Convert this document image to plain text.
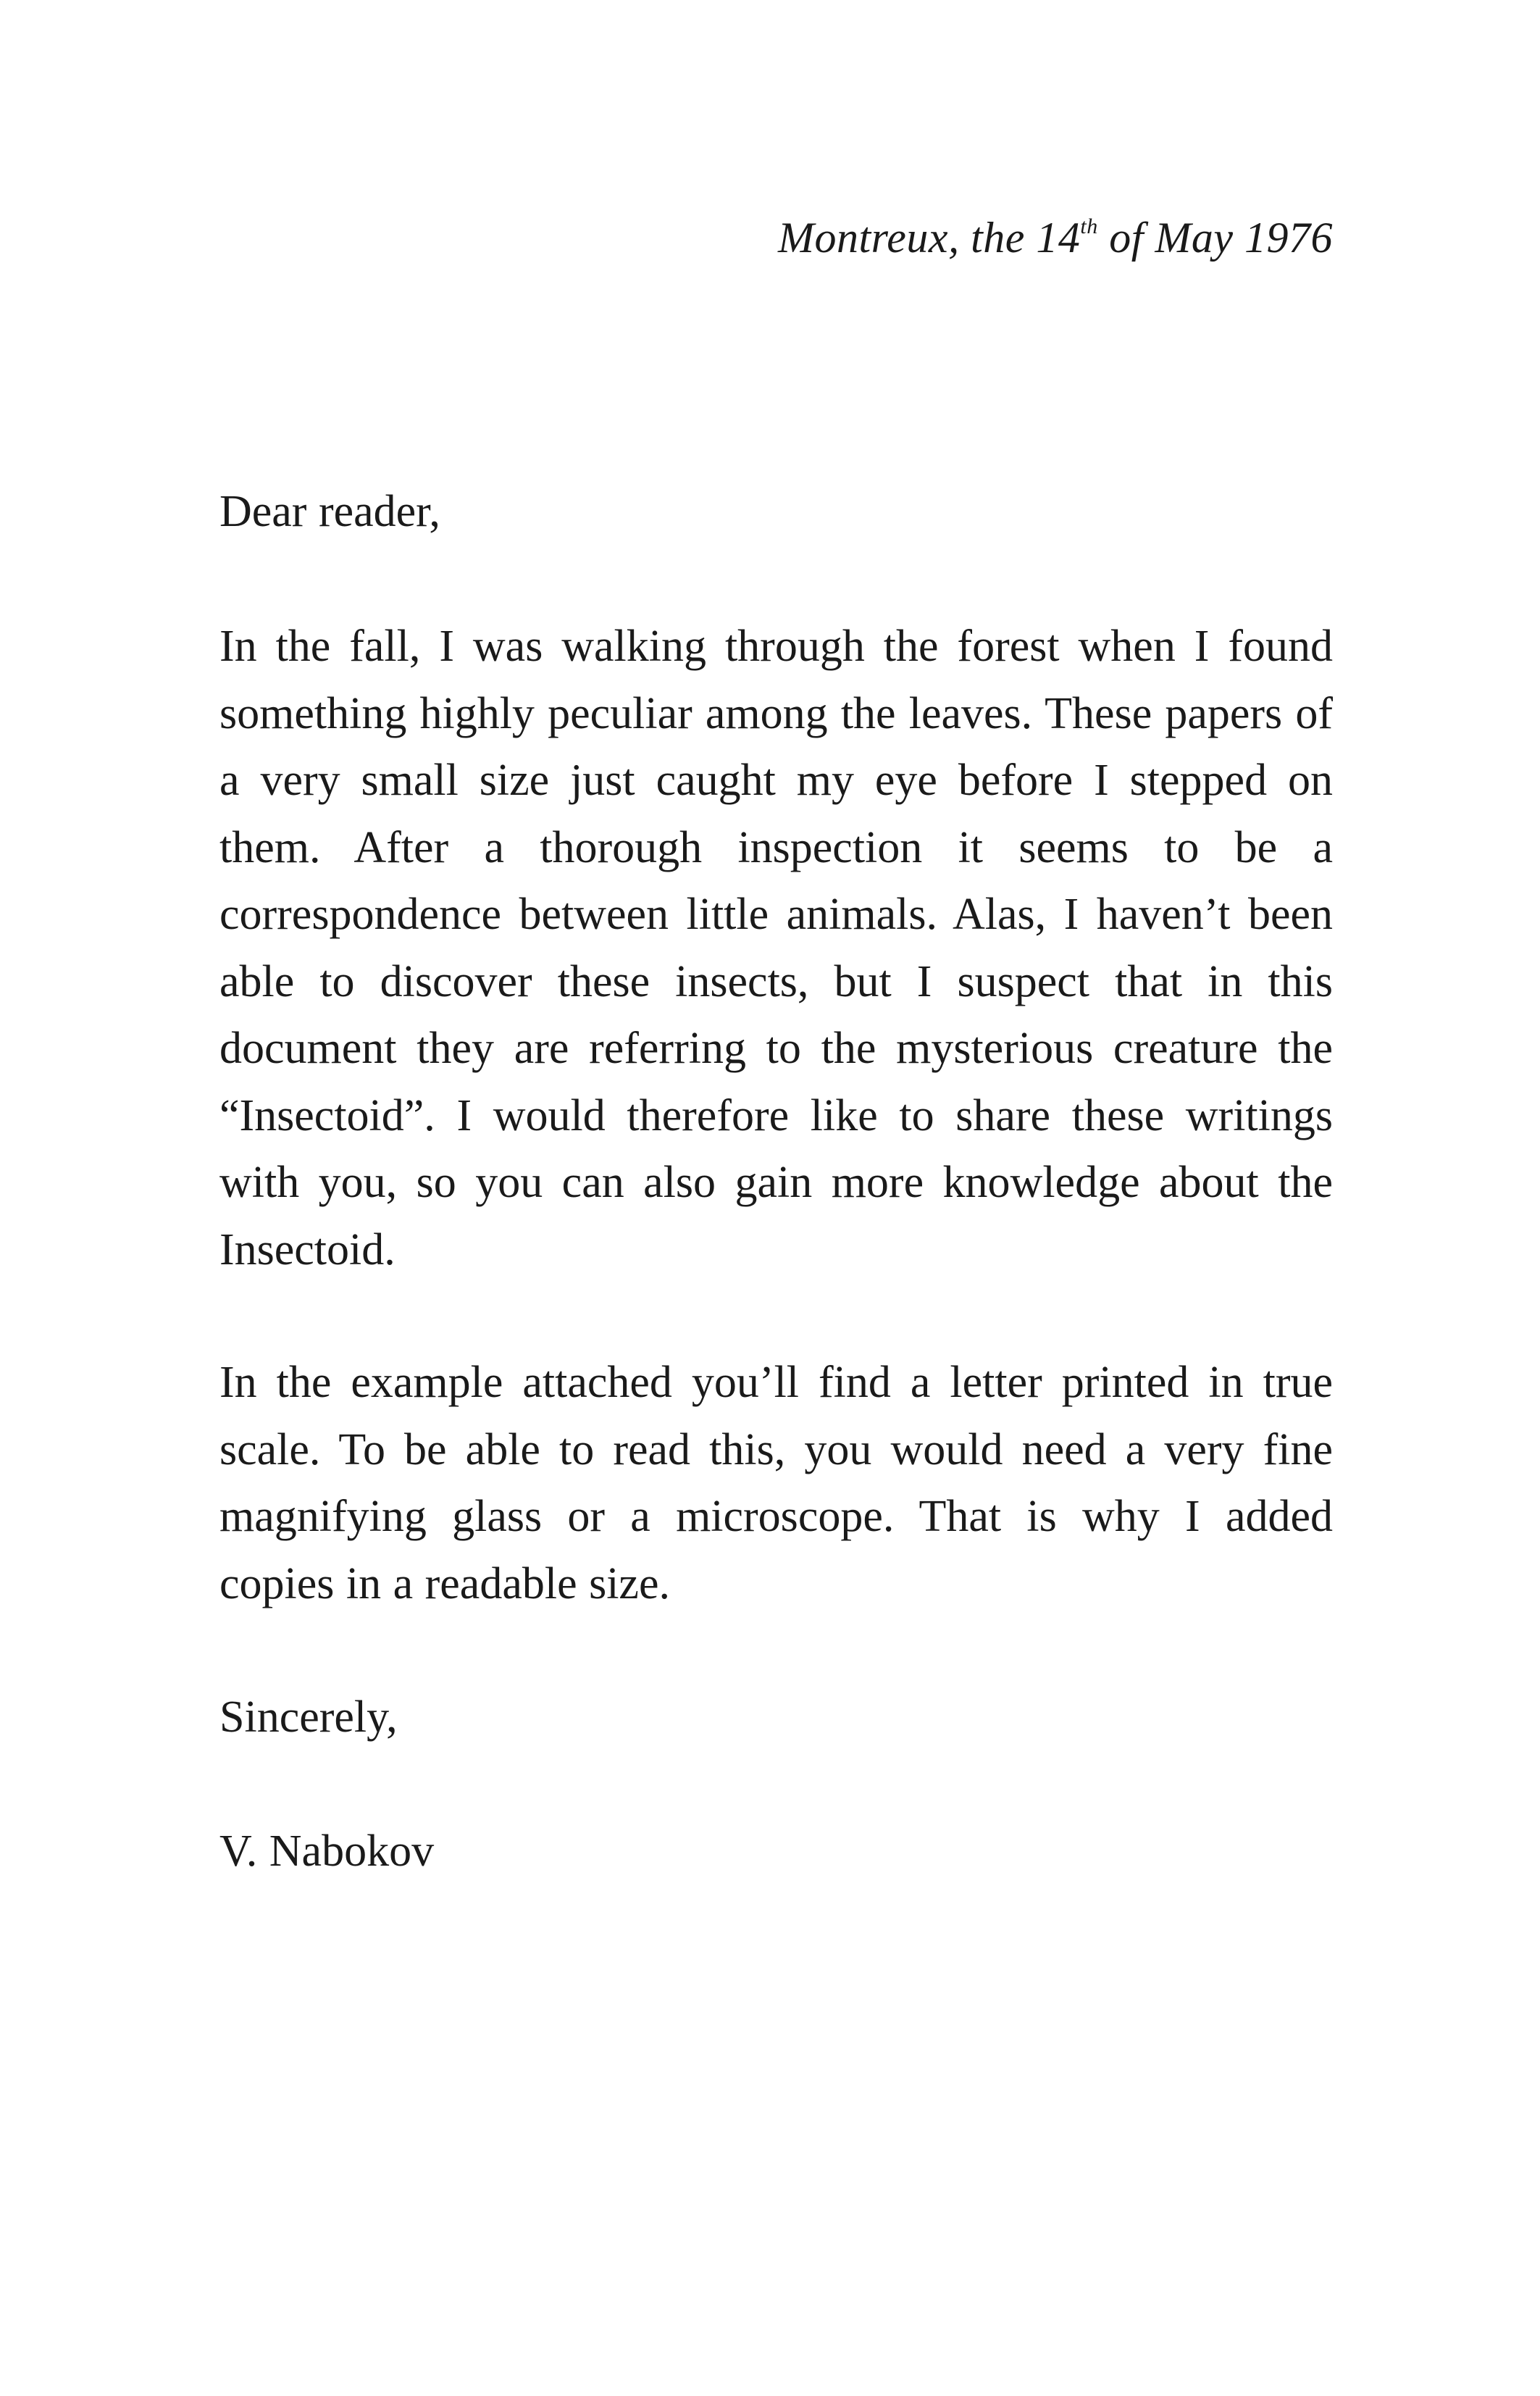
Montreux, the 14th of May 1976

Dear reader,

In the fall, I was walking through the forest when I found something highly peculiar among the leaves. These papers of a very small size just caught my eye before I stepped on them. After a thorough inspection it seems to be a correspondence between little animals. Alas, I haven’t been able to discover these insects, but I suspect that in this document they are referring to the mysterious creature the “Insectoid”. I would therefore like to share these writings with you, so you can also gain more knowledge about the Insectoid.

In the example attached you’ll find a letter printed in true scale. To be able to read this, you would need a very fine magnifying glass or a microscope. That is why I added copies in a readable size.

Sincerely,

V. Nabokov
